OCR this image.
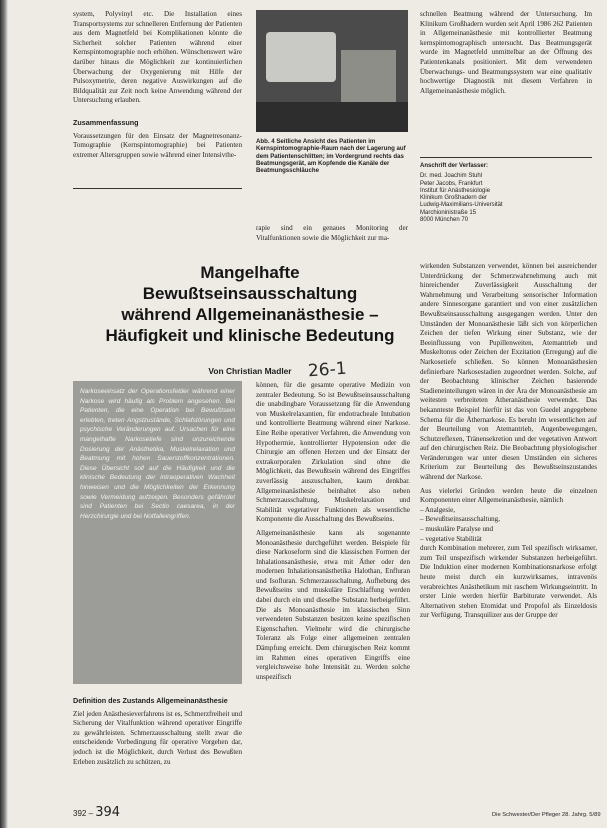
system, Polyvinyl etc. Die Installation eines Transportsystems zur schnelleren Entfernung der Patienten aus dem Magnetfeld bei Komplikationen könnte die Sicherheit solcher Patienten während einer Kernspintomographie noch erhöhen. Wünschenswert wäre darüber hinaus die Möglichkeit zur kontinuierlichen Überwachung der Oxygenierung mit Hilfe der Pulsoxymetrie, deren negative Auswirkungen auf die Bildqualität zur Zeit noch keine Anwendung während der Untersuchung erlauben.

Zusammenfassung

Voraussetzungen für den Einsatz der Magnetresonanz-Tomographie (Kernspintomographie) bei Patienten extremer Altersgruppen sowie während einer Intensivthe-

Abb. 4 Seitliche Ansicht des Patienten im Kernspintomographie-Raum nach der Lagerung auf dem Patientenschlitten; im Vordergrund rechts das Beatmungsgerät, am Kopfende die Kanäle der Beatmungsschläuche

rapie sind ein genaues Monitoring der Vitalfunktionen sowie die Möglichkeit zur ma-

schnellen Beatmung während der Untersuchung. Im Klinikum Großhadern wurden seit April 1986 262 Patienten in Allgemeinanästhesie mit kontrollierter Beatmung kernspintomographisch untersucht. Das Beatmungsgerät wurde im Magnetfeld unmittelbar an der Öffnung des Patientenkanals positioniert. Mit dem verwendeten Überwachungs- und Beatmungssystem war eine qualitativ hochwertige Diagnostik mit diesem Verfahren in Allgemeinanästhesie möglich.

Anschrift der Verfasser:
Dr. med. Joachim Stuhl
Peter Jacobs, Frankfurt
Institut für Anästhesiologie
Klinikum Großhadern der
Ludwig-Maximilians-Universität
Marchioninistraße 15
8000 München 70
Mangelhafte
Bewußtseinsausschaltung
während Allgemeinanästhesie –
Häufigkeit und klinische Bedeutung
Von Christian Madler 26-1
Narkoseeinsatz der Operationsfelder während einer Narkose wird häufig als Problem angesehen. Bei Patienten, die eine Operation bei Bewußtsein erlebten, treten Angstzustände, Schlafstörungen und psychische Veränderungen auf. Ursachen für eine mangelhafte Narkosetiefe sind unzureichende Dosierung der Anästhetika, Muskelrelaxation und Beatmung mit hohen Sauerstoffkonzentrationen. Diese Übersicht soll auf die Häufigkeit und die klinische Bedeutung der intraoperativen Wachheit hinweisen und die Möglichkeiten der Erkennung sowie Vermeidung aufzeigen. Besonders gefährdet sind Patienten bei Sectio caesarea, in der Herzchirurgie und bei Notfalleingriffen.
Definition des Zustands Allgemeinanästhesie

Ziel jeden Anästhesieverfahrens ist es, Schmerzfreiheit und Sicherung der Vitalfunktion während operativer Eingriffe zu gewährleisten. Schmerzausschaltung stellt zwar die entscheidende Vorbedingung für operative Vorgehen dar, jedoch ist die Möglichkeit, durch Verlust des Bewußten Erleben zusätzlich zu schützen, zu

können, für die gesamte operative Medizin von zentraler Bedeutung. So ist Bewußtseinsausschaltung die unabdingbare Voraussetzung für die Anwendung von Muskelrelaxantien, für endotracheale Intubation und kontrollierte Beatmung während einer Narkose. Eine Reihe operativer Verfahren, die Anwendung von Hypothermie, kontrollierter Hypotension oder die Chirurgie am offenen Herzen und der Einsatz der extrakorporalen Zirkulation sind ohne die Möglichkeit, das Bewußtsein während des Eingriffes zuverlässig auszuschalten, kaum denkbar. Allgemeinanästhesie beinhaltet also neben Schmerzausschaltung, Muskelrelaxation und Stabilität vegetativer Funktionen als wesentliche Komponente die Ausschaltung des Bewußtseins.

Allgemeinanästhesie kann als sogenannte Monoanästhesie durchgeführt werden. Beispiele für diese Narkoseform sind die klassischen Formen der Inhalationsanästhesie, etwa mit Äther oder den modernen Inhalationsanästhetika Halothan, Enfluran und Isofluran. Schmerzausschaltung, Aufhebung des Bewußtseins und muskuläre Erschlaffung werden dabei durch ein und dieselbe Substanz herbeigeführt. Die als Monoanästhesie im klassischen Sinn verwendeten Substanzen besitzen keine spezifischen Eigenschaften. Vielmehr wird die chirurgische Toleranz als Folge einer allgemeinen zentralen Dämpfung erreicht. Dem chirurgischen Reiz kommt im Rahmen eines operativen Eingriffs eine vergleichsweise hohe Intensität zu. Werden solche unspezifisch

wirkenden Substanzen verwendet, können bei ausreichender Unterdrückung der Schmerzwahrnehmung auch mit hinreichender Zuverlässigkeit Ausschaltung der Wahrnehmung und Verarbeitung sensorischer Information andere Sinnesorgane garantiert und von einer zusätzlichen Bewußtseinsausschaltung ausgegangen werden. Unter den Umständen der Monoanästhesie läßt sich von körperlichen Zeichen der tiefen Wirkung einer Substanz, wie der Beeinflussung von Pupillenweiten, Atemantrieb und Muskeltonus oder Zeichen der Exzitation (Erregung) auf die Narkosetiefe schließen. So können Monoanästhesien definierbare Narkosestadien zugeordnet werden. Solche, auf der Beobachtung klinischer Zeichen basierende Stadieneinteilungen wären in der Ära der Monoanästhesie am weitesten verbreiteten Ätheranästhesie verwendet. Das bekannteste Beispiel hierfür ist das von Guedel angegebene Schema für die Äthernarkose. Es beruht im wesentlichen auf der Beurteilung von Atemantrieb, Augenbewegungen, Schutzreflexen, Tränensekretion und der vegetativen Antwort auf den chirurgischen Reiz. Die Beobachtung physiologischer Veränderungen war unter diesen Umständen ein sicheres Kriterium zur Beurteilung des Bewußtseinszustandes während der Narkose.

Aus vielerlei Gründen werden heute die einzelnen Komponenten einer Allgemeinanästhesie, nämlich

– Analgesie,
– Bewußtseinsausschaltung,
– muskuläre Paralyse und
– vegetative Stabilität

durch Kombination mehrerer, zum Teil spezifisch wirksamer, zum Teil unspezifisch wirkender Substanzen herbeigeführt. Die Induktion einer modernen Kombinationsnarkose erfolgt heute meist durch ein kurzwirksames, intravenös verabreichtes Anästhetikum mit raschem Wirkungseintritt. In erster Linie werden hierfür Barbiturate verwendet. Als Alternativen stehen Etomidat und Propofol als Einzeldosis zur Verfügung. Transquilizer aus der Gruppe der

392 – 394	Die Schwester/Der Pfleger 28. Jahrg. 5/89
